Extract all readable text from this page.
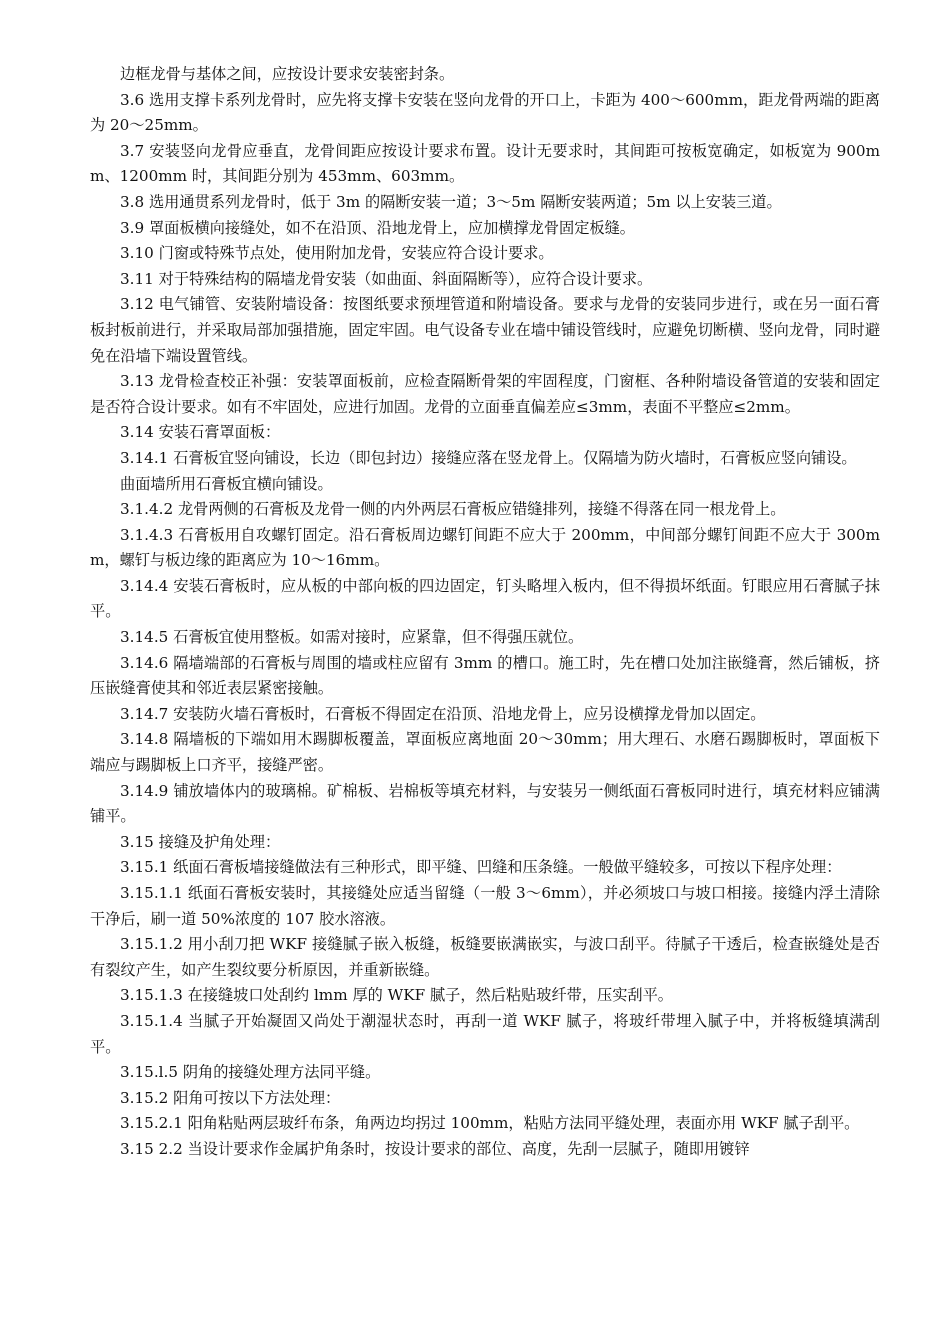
边框龙骨与基体之间，应按设计要求安装密封条。

3.6 选用支撑卡系列龙骨时，应先将支撑卡安装在竖向龙骨的开口上，卡距为 400～600mm，距龙骨两端的距离为 20～25mm。

3.7 安装竖向龙骨应垂直，龙骨间距应按设计要求布置。设计无要求时，其间距可按板宽确定，如板宽为 900mm、1200mm 时，其间距分别为 453mm、603mm。

3.8 选用通贯系列龙骨时，低于 3m 的隔断安装一道；3～5m 隔断安装两道；5m 以上安装三道。

3.9 罩面板横向接缝处，如不在沿顶、沿地龙骨上，应加横撑龙骨固定板缝。

3.10 门窗或特殊节点处，使用附加龙骨，安装应符合设计要求。

3.11 对于特殊结构的隔墙龙骨安装（如曲面、斜面隔断等），应符合设计要求。

3.12 电气铺管、安装附墙设备：按图纸要求预埋管道和附墙设备。要求与龙骨的安装同步进行，或在另一面石膏板封板前进行，并采取局部加强措施，固定牢固。电气设备专业在墙中铺设管线时，应避免切断横、竖向龙骨，同时避免在沿墙下端设置管线。

3.13 龙骨检查校正补强：安装罩面板前，应检查隔断骨架的牢固程度，门窗框、各种附墙设备管道的安装和固定是否符合设计要求。如有不牢固处，应进行加固。龙骨的立面垂直偏差应≤3mm，表面不平整应≤2mm。

3.14 安装石膏罩面板：

3.14.1 石膏板宜竖向铺设，长边（即包封边）接缝应落在竖龙骨上。仅隔墙为防火墙时，石膏板应竖向铺设。

曲面墙所用石膏板宜横向铺设。

3.1.4.2 龙骨两侧的石膏板及龙骨一侧的内外两层石膏板应错缝排列，接缝不得落在同一根龙骨上。

3.1.4.3 石膏板用自攻螺钉固定。沿石膏板周边螺钉间距不应大于 200mm，中间部分螺钉间距不应大于 300mm，螺钉与板边缘的距离应为 10～16mm。

3.14.4 安装石膏板时，应从板的中部向板的四边固定，钉头略埋入板内，但不得损坏纸面。钉眼应用石膏腻子抹平。

3.14.5 石膏板宜使用整板。如需对接时，应紧靠，但不得强压就位。

3.14.6 隔墙端部的石膏板与周围的墙或柱应留有 3mm 的槽口。施工时，先在槽口处加注嵌缝膏，然后铺板，挤压嵌缝膏使其和邻近表层紧密接触。

3.14.7 安装防火墙石膏板时，石膏板不得固定在沿顶、沿地龙骨上，应另设横撑龙骨加以固定。

3.14.8 隔墙板的下端如用木踢脚板覆盖，罩面板应离地面 20～30mm；用大理石、水磨石踢脚板时，罩面板下端应与踢脚板上口齐平，接缝严密。

3.14.9 铺放墙体内的玻璃棉。矿棉板、岩棉板等填充材料，与安装另一侧纸面石膏板同时进行，填充材料应铺满铺平。

3.15 接缝及护角处理：

3.15.1 纸面石膏板墙接缝做法有三种形式，即平缝、凹缝和压条缝。一般做平缝较多，可按以下程序处理：

3.15.1.1 纸面石膏板安装时，其接缝处应适当留缝（一般 3～6mm），并必须坡口与坡口相接。接缝内浮土清除干净后，刷一道 50%浓度的 107 胶水溶液。

3.15.1.2 用小刮刀把 WKF 接缝腻子嵌入板缝，板缝要嵌满嵌实，与波口刮平。待腻子干透后，检查嵌缝处是否有裂纹产生，如产生裂纹要分析原因，并重新嵌缝。

3.15.1.3 在接缝坡口处刮约 lmm 厚的 WKF 腻子，然后粘贴玻纤带，压实刮平。

3.15.1.4 当腻子开始凝固又尚处于潮湿状态时，再刮一道 WKF 腻子，将玻纤带埋入腻子中，并将板缝填满刮平。

3.15.l.5 阴角的接缝处理方法同平缝。

3.15.2 阳角可按以下方法处理：

3.15.2.1 阳角粘贴两层玻纤布条，角两边均拐过 100mm，粘贴方法同平缝处理，表面亦用 WKF 腻子刮平。

3.15 2.2 当设计要求作金属护角条时，按设计要求的部位、高度，先刮一层腻子，随即用镀锌
